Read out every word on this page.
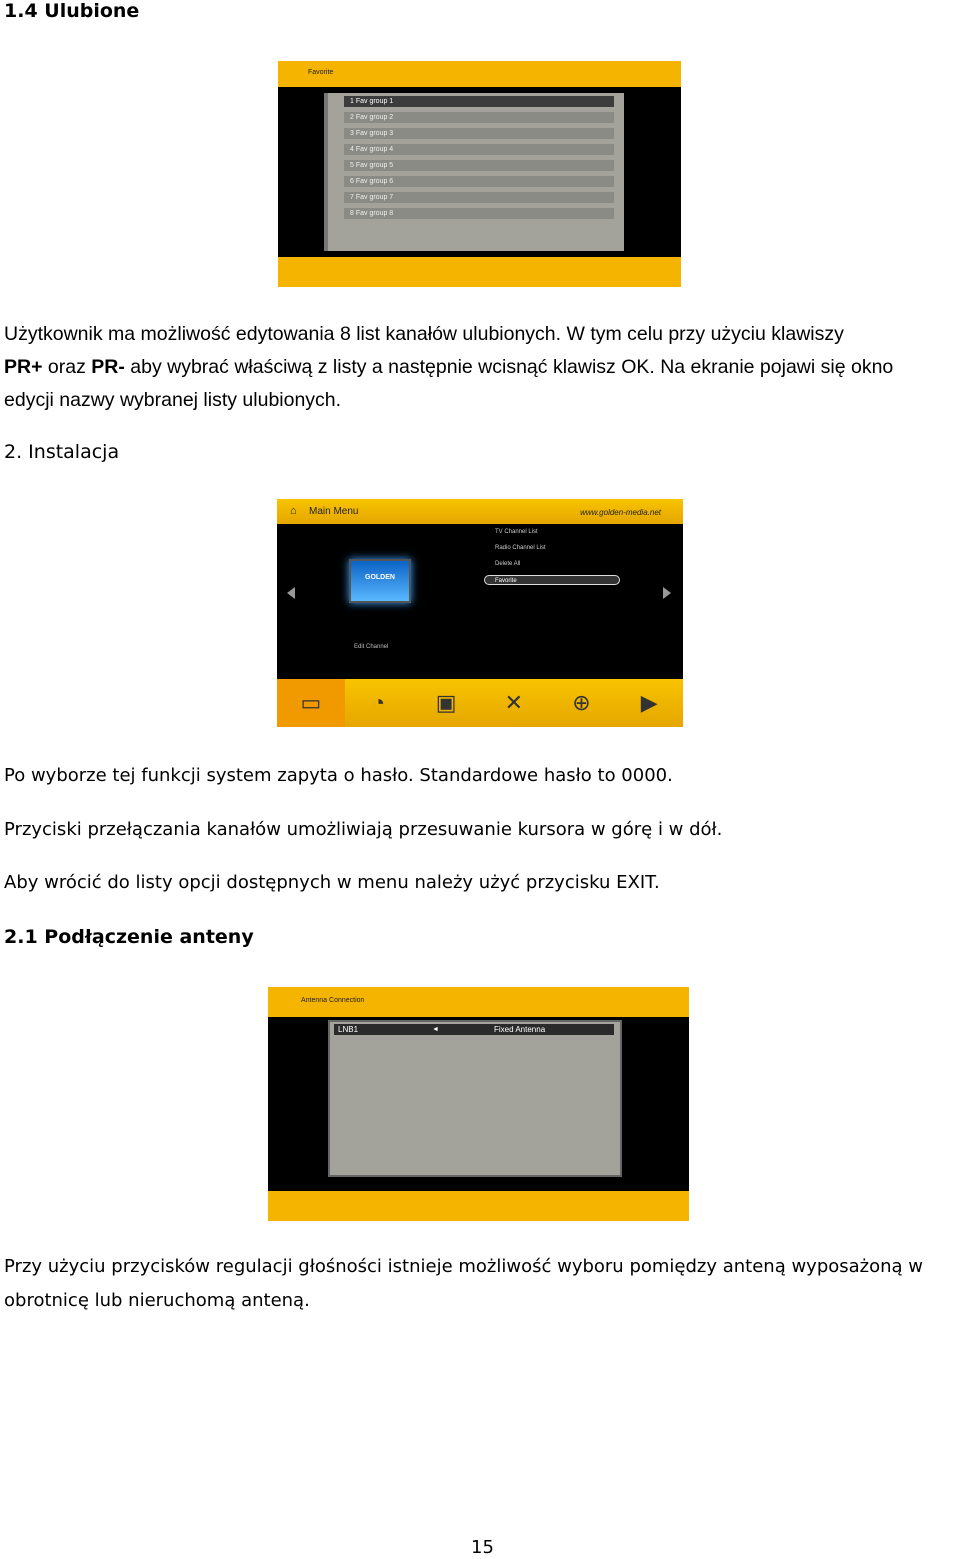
1.4 Ulubione
Favorite
1 Fav group 1
2 Fav group 2
3 Fav group 3
4 Fav group 4
5 Fav group 5
6 Fav group 6
7 Fav group 7
8 Fav group 8
Użytkownik ma możliwość edytowania 8 list kanałów ulubionych. W tym celu przy użyciu klawiszy
PR+ oraz PR- aby wybrać właściwą z listy a następnie wcisnąć klawisz OK. Na ekranie pojawi się okno
edycji nazwy wybranej listy ulubionych.
2. Instalacja
⌂ Main Menu	www.golden-media.net
GOLDEN
TV Channel List
Radio Channel List
Delete All
Favorite
Edit Channel
▭	◔	▣	✕	⊕	▶
Po wyborze tej funkcji system zapyta o hasło. Standardowe hasło to 0000.
Przyciski przełączania kanałów umożliwiają przesuwanie kursora w górę i w dół.
Aby wrócić do listy opcji dostępnych w menu należy użyć przycisku EXIT.
2.1 Podłączenie anteny
Antenna Connection
LNB1	◄	Fixed Antenna
Przy użyciu przycisków regulacji głośności istnieje możliwość wyboru pomiędzy anteną wyposażoną w
obrotnicę lub nieruchomą anteną.
15
